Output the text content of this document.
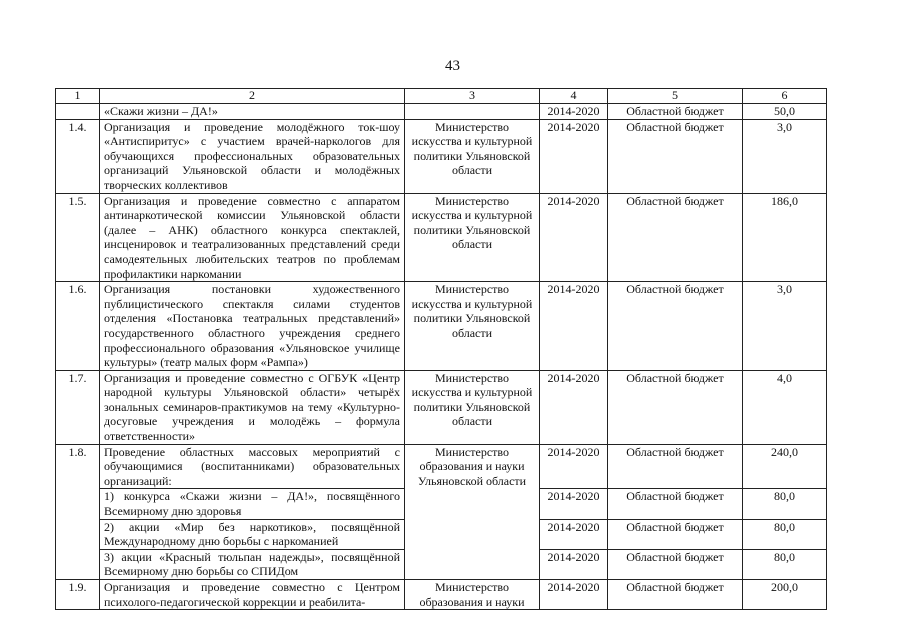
43
1	2	3	4	5	6
	«Скажи жизни – ДА!»		2014-2020	Областной бюджет	50,0
1.4.	Организация и проведение молодёжного ток-шоу «Антиспиритус» с участием врачей-наркологов для обучающихся профессиональных образовательных организаций Ульяновской области и молодёжных творческих коллективов	Министерство искусства и культурной политики Ульяновской области	2014-2020	Областной бюджет	3,0
1.5.	Организация и проведение совместно с аппаратом антинаркотической комиссии Ульяновской области (далее – АНК) областного конкурса спектаклей, инсценировок и театрализованных представлений среди самодеятельных любительских театров по проблемам профилактики наркомании	Министерство искусства и культурной политики Ульяновской области	2014-2020	Областной бюджет	186,0
1.6.	Организация постановки художественного публицистического спектакля силами студентов отделения «Постановка театральных представлений» государственного областного учреждения среднего профессионального образования «Ульяновское училище культуры» (театр малых форм «Рампа»)	Министерство искусства и культурной политики Ульяновской области	2014-2020	Областной бюджет	3,0
1.7.	Организация и проведение совместно с ОГБУК «Центр народной культуры Ульяновской области» четырёх зональных семинаров-практикумов на тему «Культурно-досуговые учреждения и молодёжь – формула ответственности»	Министерство искусства и культурной политики Ульяновской области	2014-2020	Областной бюджет	4,0
1.8.	Проведение областных массовых мероприятий с обучающимися (воспитанниками) образовательных организаций:	Министерство образования и науки Ульяновской области	2014-2020	Областной бюджет	240,0
	1) конкурса «Скажи жизни – ДА!», посвящённого Всемирному дню здоровья		2014-2020	Областной бюджет	80,0
	2) акции «Мир без наркотиков», посвящённой Международному дню борьбы с наркоманией		2014-2020	Областной бюджет	80,0
	3) акции «Красный тюльпан надежды», посвящённой Всемирному дню борьбы со СПИДом		2014-2020	Областной бюджет	80,0
1.9.	Организация и проведение совместно с Центром психолого-педагогической коррекции и реабилита-	Министерство образования и науки	2014-2020	Областной бюджет	200,0
